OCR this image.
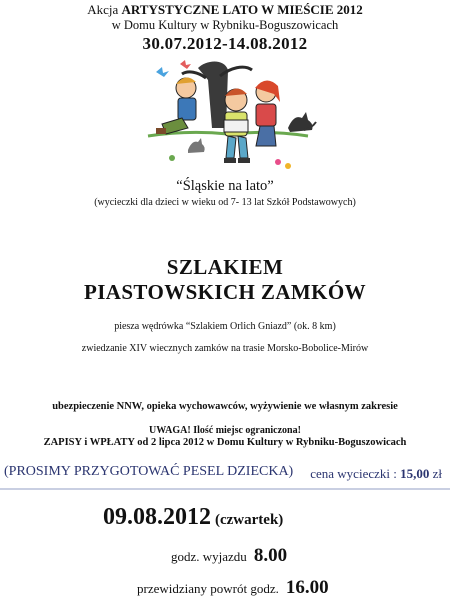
Akcja ARTYSTYCZNE LATO W MIEŚCIE 2012
w Domu Kultury w Rybniku-Boguszowicach
30.07.2012-14.08.2012
“Śląskie na lato”
(wycieczki dla dzieci w wieku od 7- 13 lat Szkół Podstawowych)
SZLAKIEM
PIASTOWSKICH ZAMKÓW
piesza wędrówka “Szlakiem Orlich Gniazd” (ok. 8 km)
zwiedzanie XIV wiecznych zamków na trasie Morsko-Bobolice-Mirów
ubezpieczenie NNW, opieka wychowawców, wyżywienie we własnym zakresie
UWAGA! Ilość miejsc ograniczona!
ZAPISY i WPŁATY od 2 lipca 2012 w Domu Kultury w Rybniku-Boguszowicach
(PROSIMY PRZYGOTOWAĆ PESEL DZIECKA) cena wycieczki : 15,00 zł
09.08.2012 (czwartek)
godz. wyjazdu 8.00
przewidziany powrót godz. 16.00
